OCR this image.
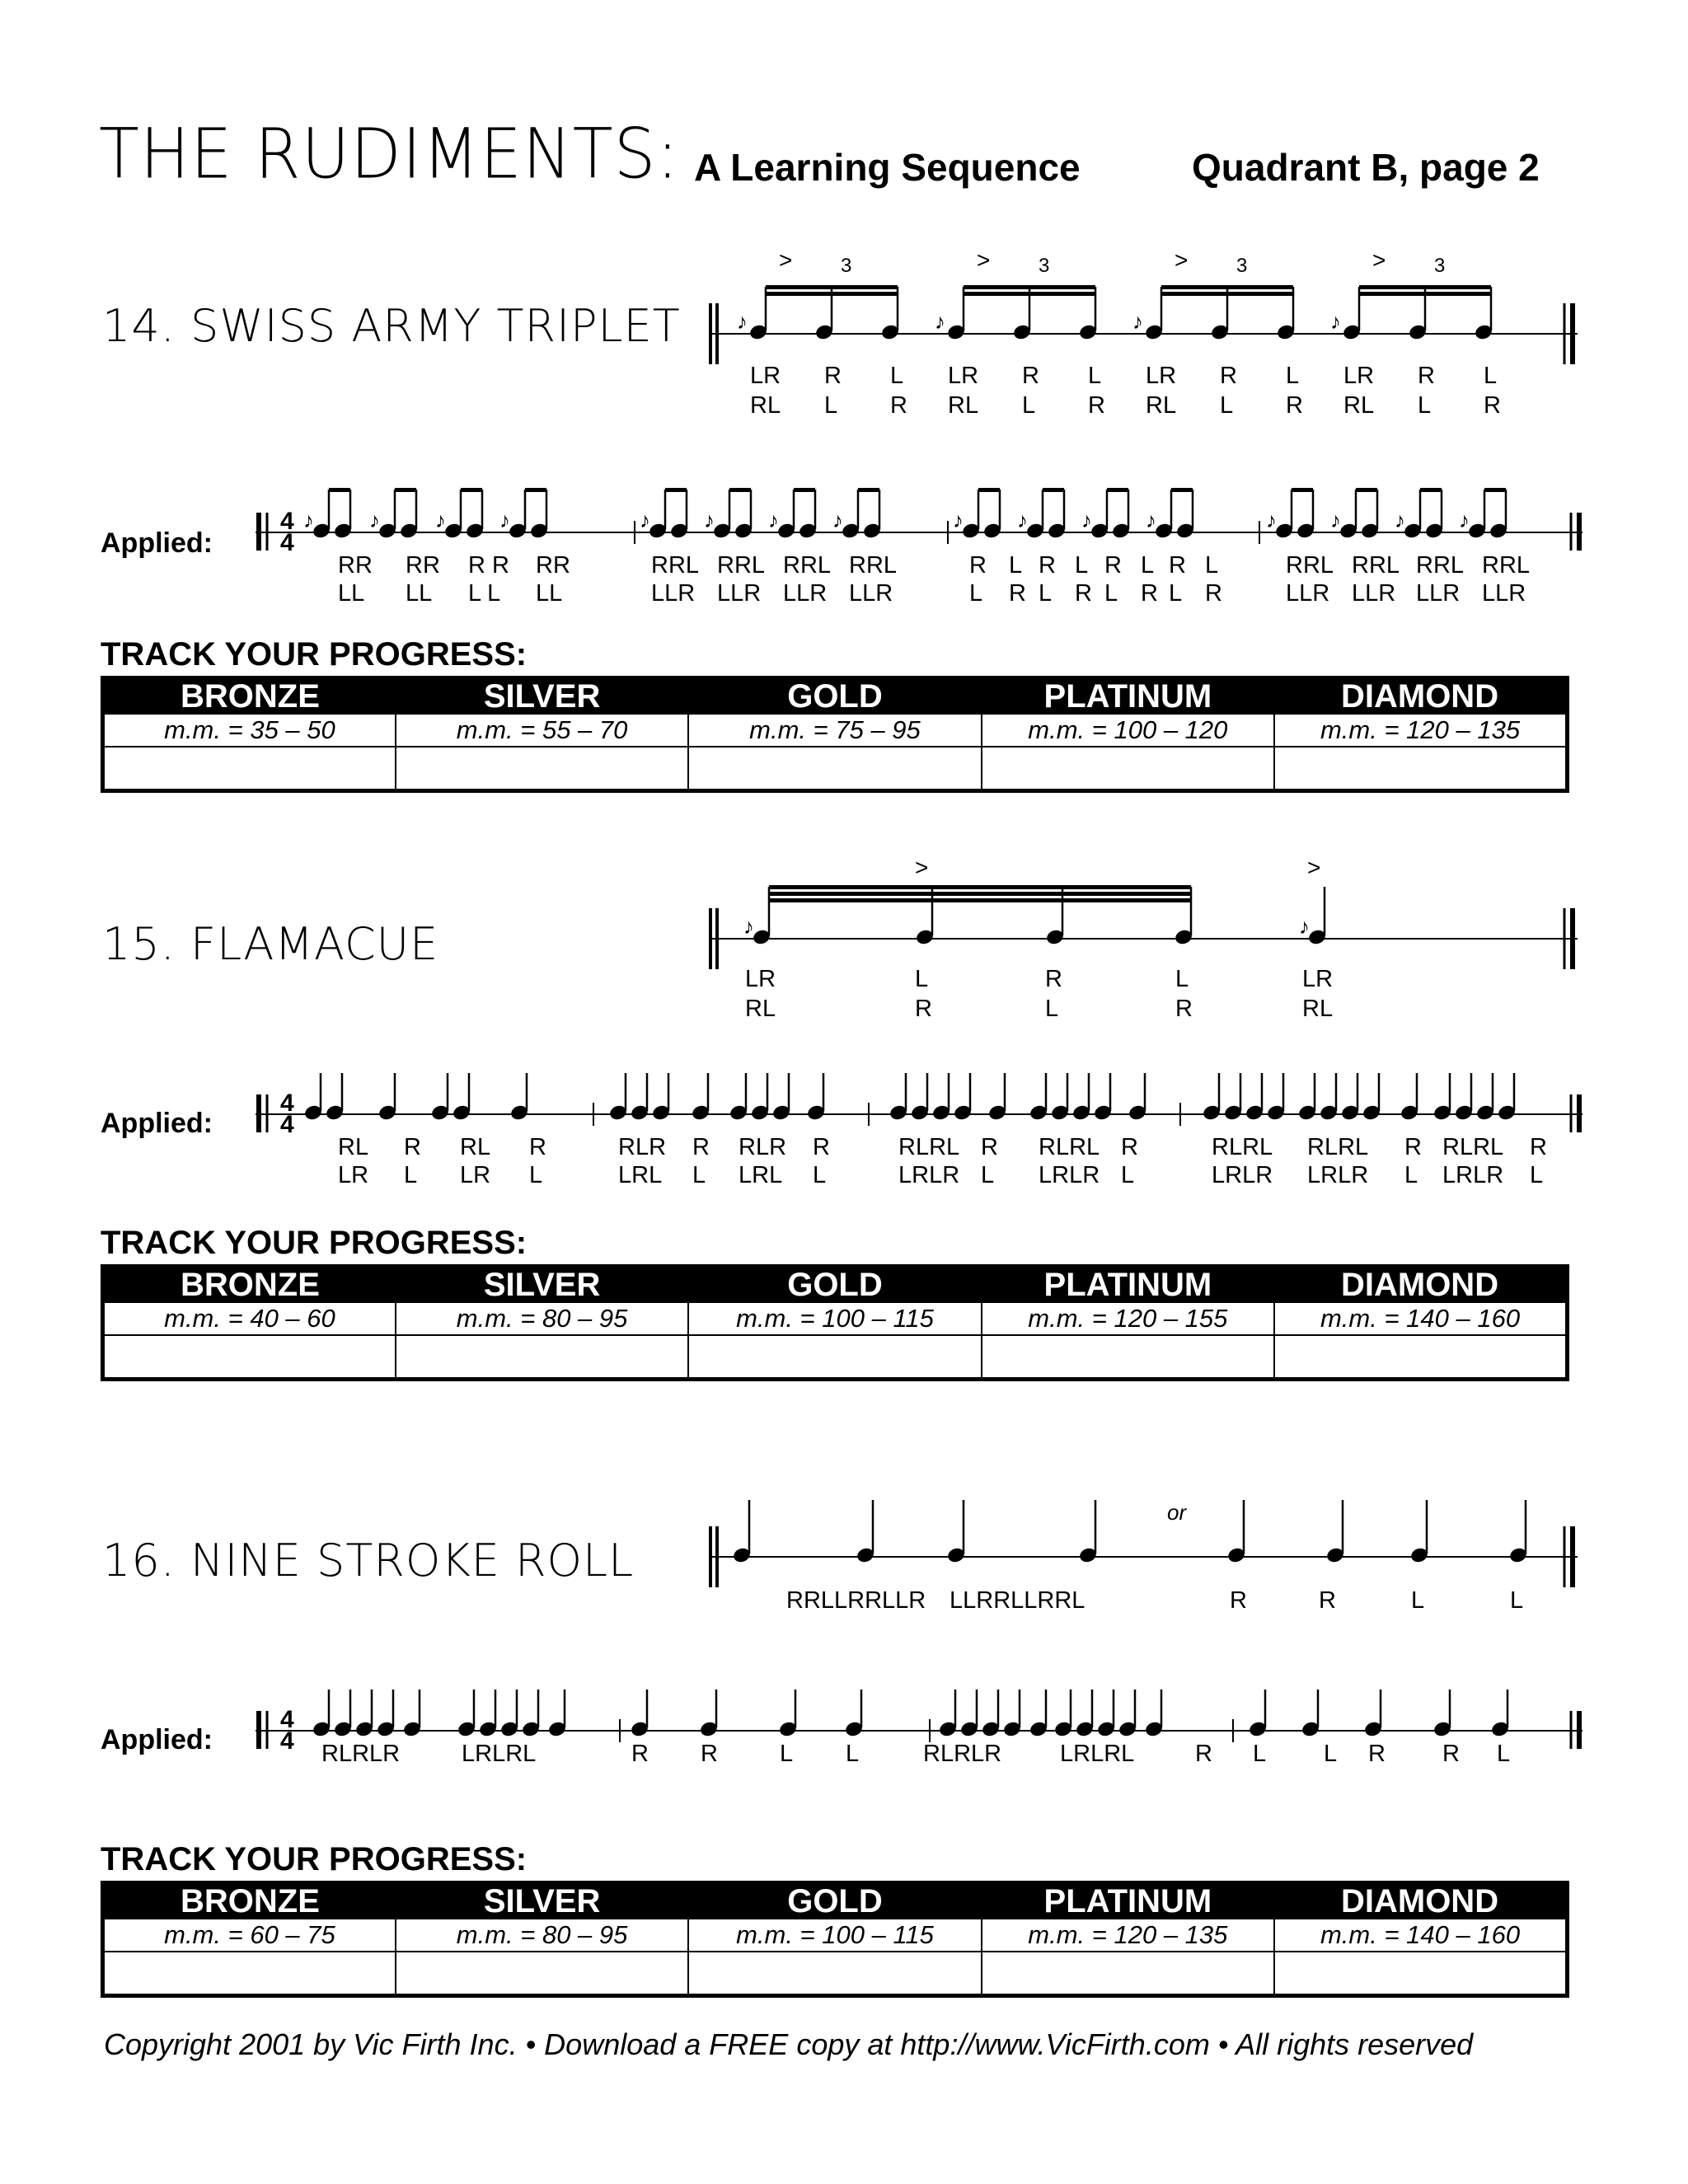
THE RUDIMENTS: A Learning Sequence	Quadrant B, page 2
14. SWISS ARMY TRIPLET	♪	♪	♪	♪
>	>	>	>
3	3	3	3
LR R L LR R L LR R L LR R L
RL L R RL L R RL L R RL L R
Applied:
4
4
♪	♪	♪	♪	♪	♪	♪	♪	♪	♪	♪	♪	♪	♪	♪	♪
RR RR R R RR	RRL RRL RRL RRL	R L R L R L R L	RRL RRL RRL RRL
LL LL L L LL	LLR LLR LLR LLR	L R L R L R L R	LLR LLR LLR LLR
TRACK YOUR PROGRESS:
BRONZE	SILVER	GOLD	PLATINUM	DIAMOND
m.m. = 35 – 50	m.m. = 55 – 70	m.m. = 75 – 95	m.m. = 100 – 120	m.m. = 120 – 135

15. FLAMACUE	♪	♪
>	>
LR	L	R	L	LR
RL	R	L	R	RL
Applied:
4
4
RL R RL R	RLR R RLR R	RLRL R RLRL R	RLRL RLRL R RLRL R
LR L LR L	LRL L LRL L	LRLR L LRLR L	LRLR LRLR L LRLR L
TRACK YOUR PROGRESS:
BRONZE	SILVER	GOLD	PLATINUM	DIAMOND
m.m. = 40 – 60	m.m. = 80 – 95	m.m. = 100 – 115	m.m. = 120 – 155	m.m. = 140 – 160

16. NINE STROKE ROLL
or
RRLLRRLLR LLRRLLRRL	R	R	L	L
Applied:
4
4 RLRLR	LRLRL	R R	L L	RLRLR LRLRL	R L L R R L
TRACK YOUR PROGRESS:
BRONZE	SILVER	GOLD	PLATINUM	DIAMOND
m.m. = 60 – 75	m.m. = 80 – 95	m.m. = 100 – 115	m.m. = 120 – 135	m.m. = 140 – 160

Copyright 2001 by Vic Firth Inc. • Download a FREE copy at http://www.VicFirth.com • All rights reserved
